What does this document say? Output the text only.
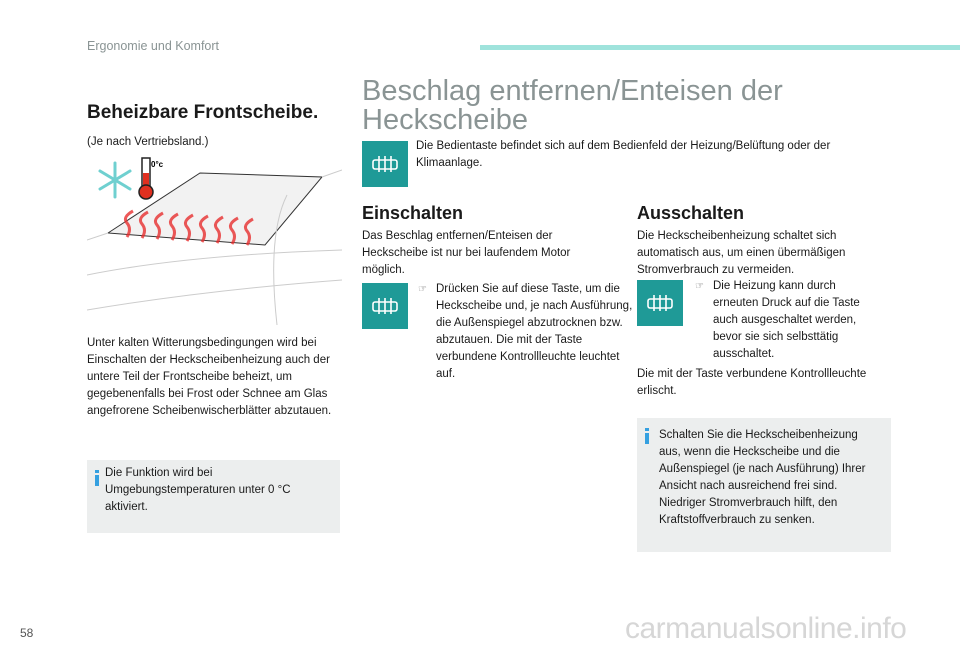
Ergonomie und Komfort
Beheizbare Frontscheibe.
(Je nach Vertriebsland.)
0°c
Unter kalten Witterungsbedingungen wird bei Einschalten der Heckscheibenheizung auch der untere Teil der Frontscheibe beheizt, um gegebenenfalls bei Frost oder Schnee am Glas angefrorene Scheibenwischerblätter abzutauen.
Die Funktion wird bei Umgebungstemperaturen unter 0 °C aktiviert.
Beschlag entfernen/Enteisen der Heckscheibe
Die Bedientaste befindet sich auf dem Bedienfeld der Heizung/Belüftung oder der Klimaanlage.
Einschalten
Das Beschlag entfernen/Enteisen der Heckscheibe ist nur bei laufendem Motor möglich.
☞ Drücken Sie auf diese Taste, um die Heckscheibe und, je nach Ausführung, die Außenspiegel abzutrocknen bzw. abzutauen. Die mit der Taste verbundene Kontrollleuchte leuchtet auf.
Ausschalten
Die Heckscheibenheizung schaltet sich automatisch aus, um einen übermäßigen Stromverbrauch zu vermeiden.
☞ Die Heizung kann durch erneuten Druck auf die Taste auch ausgeschaltet werden, bevor sie sich selbsttätig ausschaltet.
Die mit der Taste verbundene Kontrollleuchte erlischt.
Schalten Sie die Heckscheibenheizung aus, wenn die Heckscheibe und die Außenspiegel (je nach Ausführung) Ihrer Ansicht nach ausreichend frei sind. Niedriger Stromverbrauch hilft, den Kraftstoffverbrauch zu senken.
58	carmanualsonline.info
